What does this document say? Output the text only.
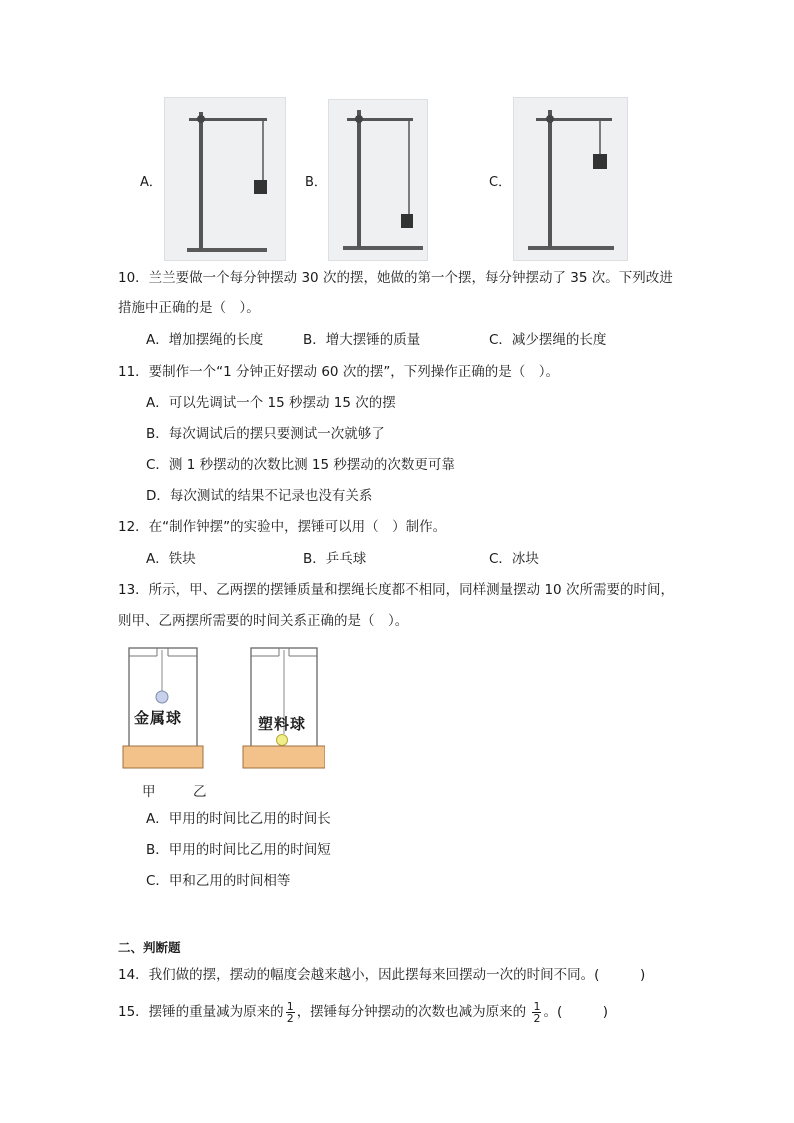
A．	B．	C．
10．兰兰要做一个每分钟摆动 30 次的摆，她做的第一个摆，每分钟摆动了 35 次。下列改进
措施中正确的是（　）。
A．增加摆绳的长度	B．增大摆锤的质量	C．减少摆绳的长度
11．要制作一个“1 分钟正好摆动 60 次的摆”，下列操作正确的是（　）。
A．可以先调试一个 15 秒摆动 15 次的摆
B．每次调试后的摆只要测试一次就够了
C．测 1 秒摆动的次数比测 15 秒摆动的次数更可靠
D．每次测试的结果不记录也没有关系
12．在“制作钟摆”的实验中，摆锤可以用（　）制作。
A．铁块	B．乒乓球	C．冰块
13．所示，甲、乙两摆的摆锤质量和摆绳长度都不相同，同样测量摆动 10 次所需要的时间，
则甲、乙两摆所需要的时间关系正确的是（　）。
金属球	塑料球
甲	乙
A．甲用的时间比乙用的时间长
B．甲用的时间比乙用的时间短
C．甲和乙用的时间相等
二、判断题
14．我们做的摆，摆动的幅度会越来越小，因此摆每来回摆动一次的时间不同。(　　　)
15．摆锤的重量减为原来的 $\frac{1}{2}$ ，摆锤每分钟摆动的次数也减为原来的 $\frac{1}{2}$ 。(　　　)
